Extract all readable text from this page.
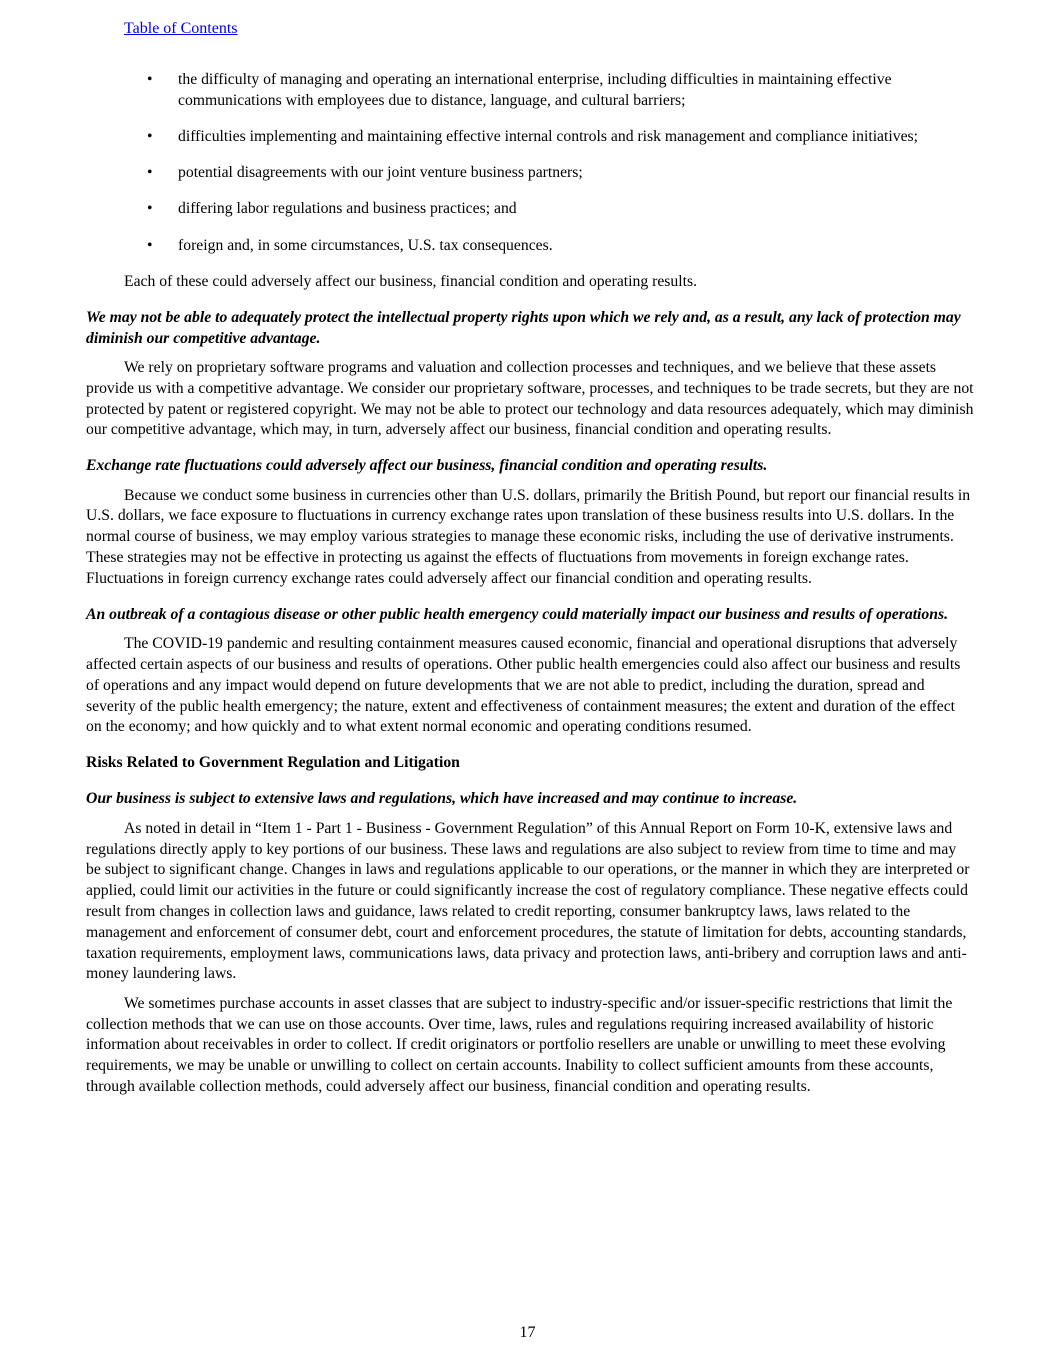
Table of Contents
• the difficulty of managing and operating an international enterprise, including difficulties in maintaining effective communications with employees due to distance, language, and cultural barriers;
• difficulties implementing and maintaining effective internal controls and risk management and compliance initiatives;
• potential disagreements with our joint venture business partners;
• differing labor regulations and business practices; and
• foreign and, in some circumstances, U.S. tax consequences.

Each of these could adversely affect our business, financial condition and operating results.

We may not be able to adequately protect the intellectual property rights upon which we rely and, as a result, any lack of protection may diminish our competitive advantage.

We rely on proprietary software programs and valuation and collection processes and techniques, and we believe that these assets provide us with a competitive advantage. We consider our proprietary software, processes, and techniques to be trade secrets, but they are not protected by patent or registered copyright. We may not be able to protect our technology and data resources adequately, which may diminish our competitive advantage, which may, in turn, adversely affect our business, financial condition and operating results.

Exchange rate fluctuations could adversely affect our business, financial condition and operating results.

Because we conduct some business in currencies other than U.S. dollars, primarily the British Pound, but report our financial results in U.S. dollars, we face exposure to fluctuations in currency exchange rates upon translation of these business results into U.S. dollars. In the normal course of business, we may employ various strategies to manage these economic risks, including the use of derivative instruments. These strategies may not be effective in protecting us against the effects of fluctuations from movements in foreign exchange rates. Fluctuations in foreign currency exchange rates could adversely affect our financial condition and operating results.

An outbreak of a contagious disease or other public health emergency could materially impact our business and results of operations.

The COVID-19 pandemic and resulting containment measures caused economic, financial and operational disruptions that adversely affected certain aspects of our business and results of operations. Other public health emergencies could also affect our business and results of operations and any impact would depend on future developments that we are not able to predict, including the duration, spread and severity of the public health emergency; the nature, extent and effectiveness of containment measures; the extent and duration of the effect on the economy; and how quickly and to what extent normal economic and operating conditions resumed.

Risks Related to Government Regulation and Litigation

Our business is subject to extensive laws and regulations, which have increased and may continue to increase.

As noted in detail in “Item 1 - Part 1 - Business - Government Regulation” of this Annual Report on Form 10-K, extensive laws and regulations directly apply to key portions of our business. These laws and regulations are also subject to review from time to time and may be subject to significant change. Changes in laws and regulations applicable to our operations, or the manner in which they are interpreted or applied, could limit our activities in the future or could significantly increase the cost of regulatory compliance. These negative effects could result from changes in collection laws and guidance, laws related to credit reporting, consumer bankruptcy laws, laws related to the management and enforcement of consumer debt, court and enforcement procedures, the statute of limitation for debts, accounting standards, taxation requirements, employment laws, communications laws, data privacy and protection laws, anti-bribery and corruption laws and anti-money laundering laws.

We sometimes purchase accounts in asset classes that are subject to industry-specific and/or issuer-specific restrictions that limit the collection methods that we can use on those accounts. Over time, laws, rules and regulations requiring increased availability of historic information about receivables in order to collect. If credit originators or portfolio resellers are unable or unwilling to meet these evolving requirements, we may be unable or unwilling to collect on certain accounts. Inability to collect sufficient amounts from these accounts, through available collection methods, could adversely affect our business, financial condition and operating results.

17
